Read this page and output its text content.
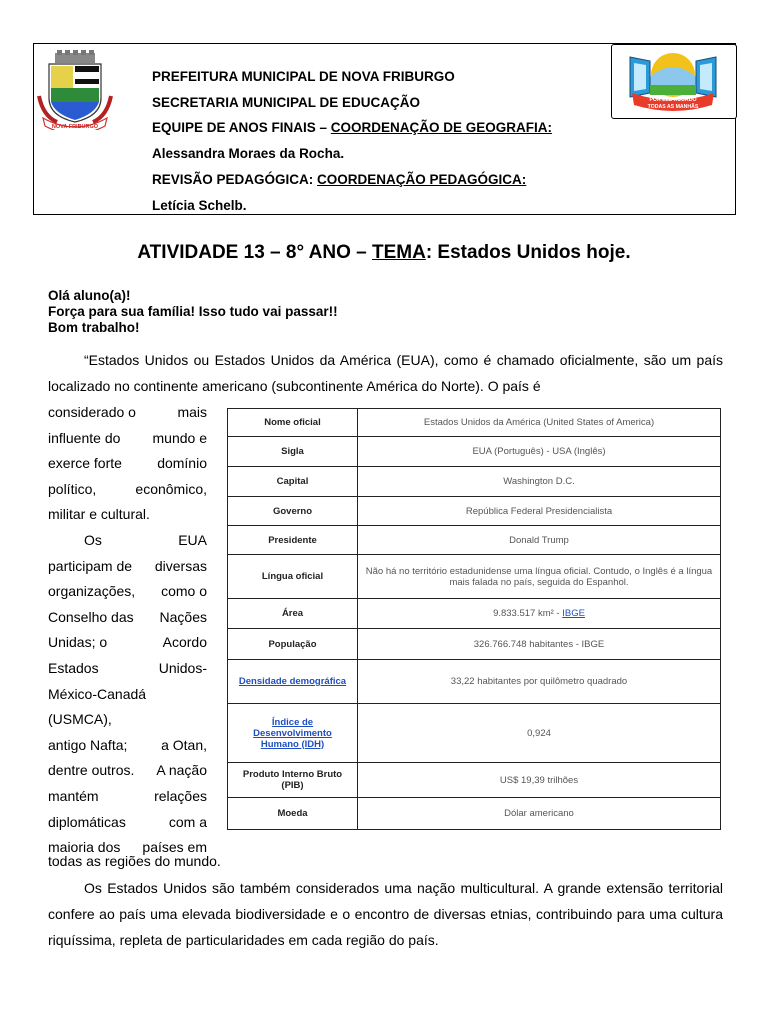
NOVA FRIBURGO
POR ELE ACORDO
TODAS AS MANHÃS
PREFEITURA MUNICIPAL DE NOVA FRIBURGO
SECRETARIA MUNICIPAL DE EDUCAÇÃO
EQUIPE DE ANOS FINAIS – COORDENAÇÃO DE GEOGRAFIA:
Alessandra Moraes da Rocha.
REVISÃO PEDAGÓGICA: COORDENAÇÃO PEDAGÓGICA:
Letícia Schelb.
ATIVIDADE 13 – 8° ANO – TEMA: Estados Unidos hoje.
Olá aluno(a)!
Força para sua família! Isso tudo vai passar!!
Bom trabalho!
“Estados Unidos ou Estados Unidos da América (EUA), como é chamado oficialmente, são um país localizado no continente americano (subcontinente América do Norte). O país é
considerado o	mais
influente do mundo e
exerce forte	domínio
político,	econômico,
militar e cultural.
Os	EUA
participam de diversas
organizações, como o
Conselho das Nações
Unidas; o	Acordo
Estados	Unidos-
México-Canadá
(USMCA),
antigo Nafta; a Otan,
dentre outros. A nação
mantém	relações
diplomáticas	com a
maioria dos países em
todas as regiões do mundo.
Nome oficial	Estados Unidos da América (United States of America)
Sigla	EUA (Português) - USA (Inglês)
Capital	Washington D.C.
Governo	República Federal Presidencialista
Presidente	Donald Trump
Língua oficial	Não há no território estadunidense uma língua oficial. Contudo, o Inglês é a língua mais falada no país, seguida do Espanhol.
Área	9.833.517 km² - IBGE
População	326.766.748 habitantes - IBGE
Densidade demográfica	33,22 habitantes por quilômetro quadrado
Índice de Desenvolvimento Humano (IDH)	0,924
Produto Interno Bruto (PIB)	US$ 19,39 trilhões
Moeda	Dólar americano
Os Estados Unidos são também considerados uma nação multicultural. A grande extensão territorial confere ao país uma elevada biodiversidade e o encontro de diversas etnias, contribuindo para uma cultura riquíssima, repleta de particularidades em cada região do país.
